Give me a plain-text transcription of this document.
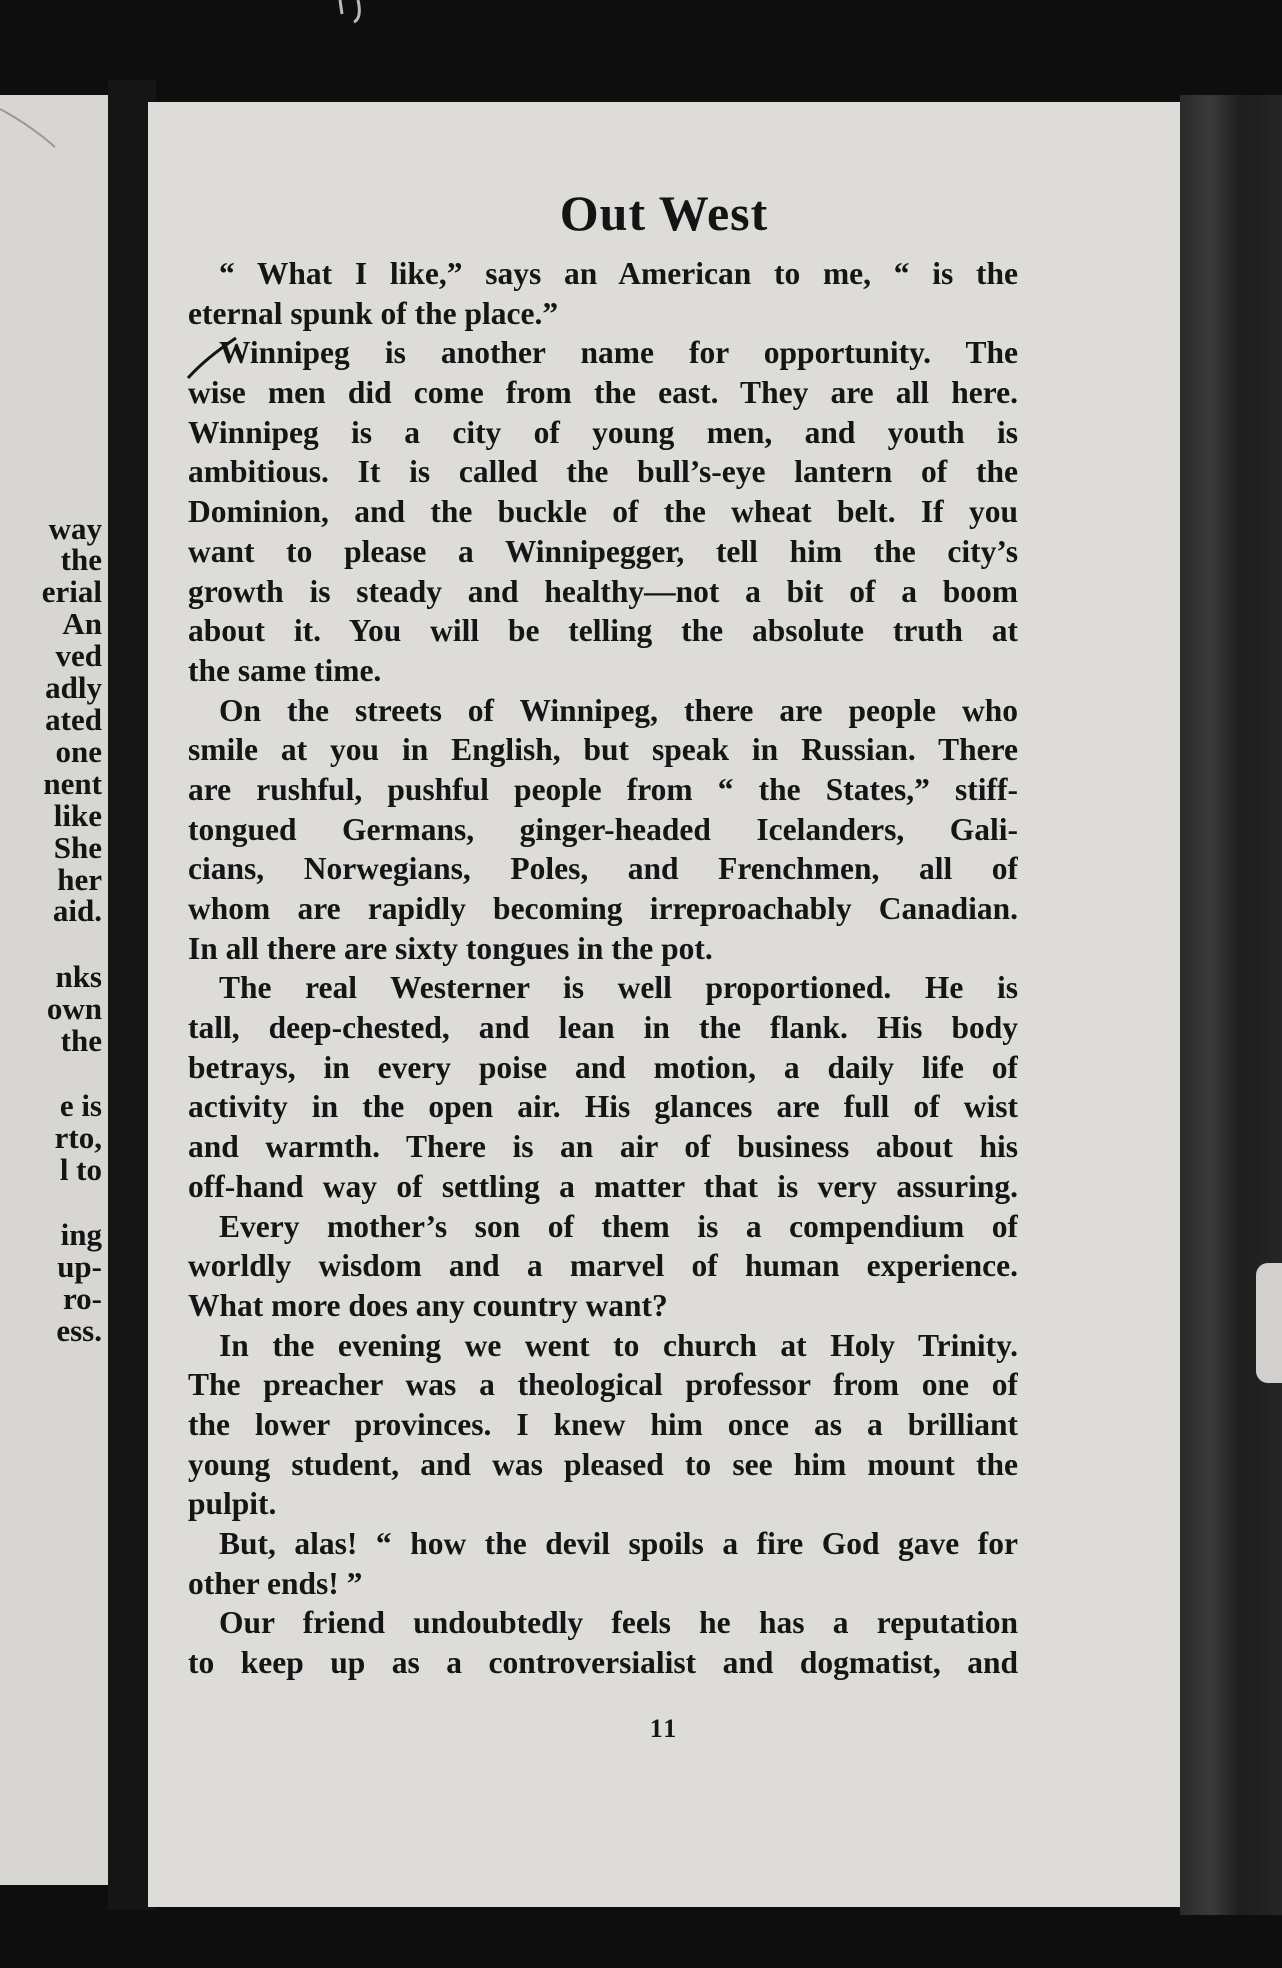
way
the
erial
An
ved
adly
ated
one
nent
like
She
her
aid.
nks
own
the
e is
rto,
l to
ing
up-
ro-
ess.
Out West
“ What I like,” says an American to me, “ is the
eternal spunk of the place.”
Winnipeg is another name for opportunity. The
wise men did come from the east. They are all here.
Winnipeg is a city of young men, and youth is
ambitious. It is called the bull’s-eye lantern of the
Dominion, and the buckle of the wheat belt. If you
want to please a Winnipegger, tell him the city’s
growth is steady and healthy—not a bit of a boom
about it. You will be telling the absolute truth at
the same time.
On the streets of Winnipeg, there are people who
smile at you in English, but speak in Russian. There
are rushful, pushful people from “ the States,” stiff-
tongued Germans, ginger-headed Icelanders, Gali-
cians, Norwegians, Poles, and Frenchmen, all of
whom are rapidly becoming irreproachably Canadian.
In all there are sixty tongues in the pot.
The real Westerner is well proportioned. He is
tall, deep-chested, and lean in the flank. His body
betrays, in every poise and motion, a daily life of
activity in the open air. His glances are full of wist
and warmth. There is an air of business about his
off-hand way of settling a matter that is very assuring.
Every mother’s son of them is a compendium of
worldly wisdom and a marvel of human experience.
What more does any country want?
In the evening we went to church at Holy Trinity.
The preacher was a theological professor from one of
the lower provinces. I knew him once as a brilliant
young student, and was pleased to see him mount the
pulpit.
But, alas! “ how the devil spoils a fire God gave for
other ends! ”
Our friend undoubtedly feels he has a reputation
to keep up as a controversialist and dogmatist, and
11
